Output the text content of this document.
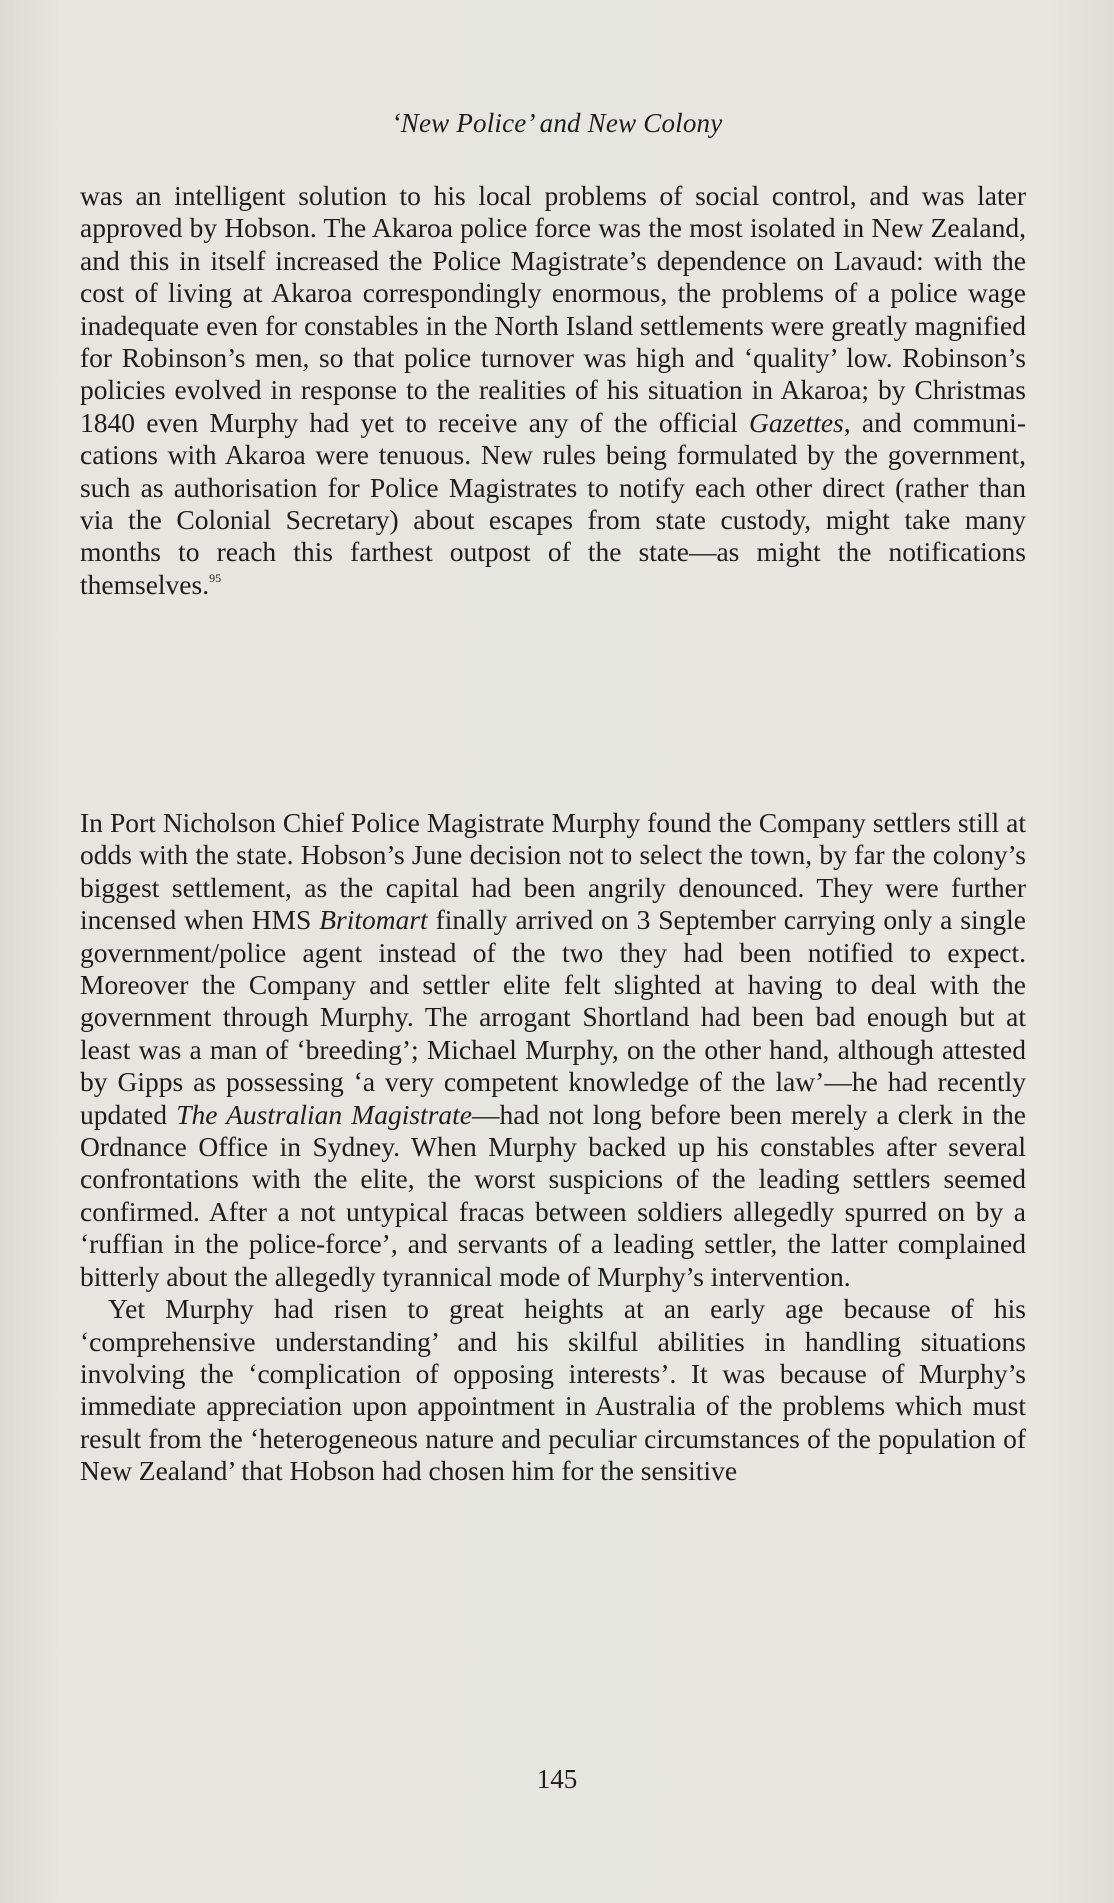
‘New Police’ and New Colony

was an intelligent solution to his local problems of social control, and was later approved by Hobson. The Akaroa police force was the most isolated in New Zealand, and this in itself increased the Police Magistrate’s dependence on Lavaud: with the cost of living at Akaroa correspondingly enormous, the problems of a police wage inadequate even for constables in the North Island settlements were greatly magnified for Robinson’s men, so that police turnover was high and ‘quality’ low. Robinson’s policies evolved in response to the realities of his situation in Akaroa; by Christmas 1840 even Murphy had yet to receive any of the official Gazettes, and communications with Akaroa were tenuous. New rules being formulated by the government, such as authorisation for Police Magistrates to notify each other direct (rather than via the Colonial Secretary) about escapes from state custody, might take many months to reach this farthest outpost of the state—as might the notifications themselves.$^{95}$

In Port Nicholson Chief Police Magistrate Murphy found the Company settlers still at odds with the state. Hobson’s June decision not to select the town, by far the colony’s biggest settlement, as the capital had been angrily denounced. They were further incensed when HMS Britomart finally arrived on 3 September carrying only a single government/police agent instead of the two they had been notified to expect. Moreover the Company and settler elite felt slighted at having to deal with the government through Murphy. The arrogant Shortland had been bad enough but at least was a man of ‘breeding’; Michael Murphy, on the other hand, although attested by Gipps as possessing ‘a very competent knowledge of the law’—he had recently updated The Australian Magistrate—had not long before been merely a clerk in the Ordnance Office in Sydney. When Murphy backed up his constables after several confrontations with the elite, the worst suspicions of the leading settlers seemed confirmed. After a not untypical fracas between soldiers allegedly spurred on by a ‘ruffian in the police-force’, and servants of a leading settler, the latter complained bitterly about the allegedly tyrannical mode of Murphy’s intervention.

Yet Murphy had risen to great heights at an early age because of his ‘comprehensive understanding’ and his skilful abilities in handling situations involving the ‘complication of opposing interests’. It was because of Murphy’s immediate appreciation upon appointment in Australia of the problems which must result from the ‘heterogeneous nature and peculiar circumstances of the population of New Zealand’ that Hobson had chosen him for the sensitive

145
